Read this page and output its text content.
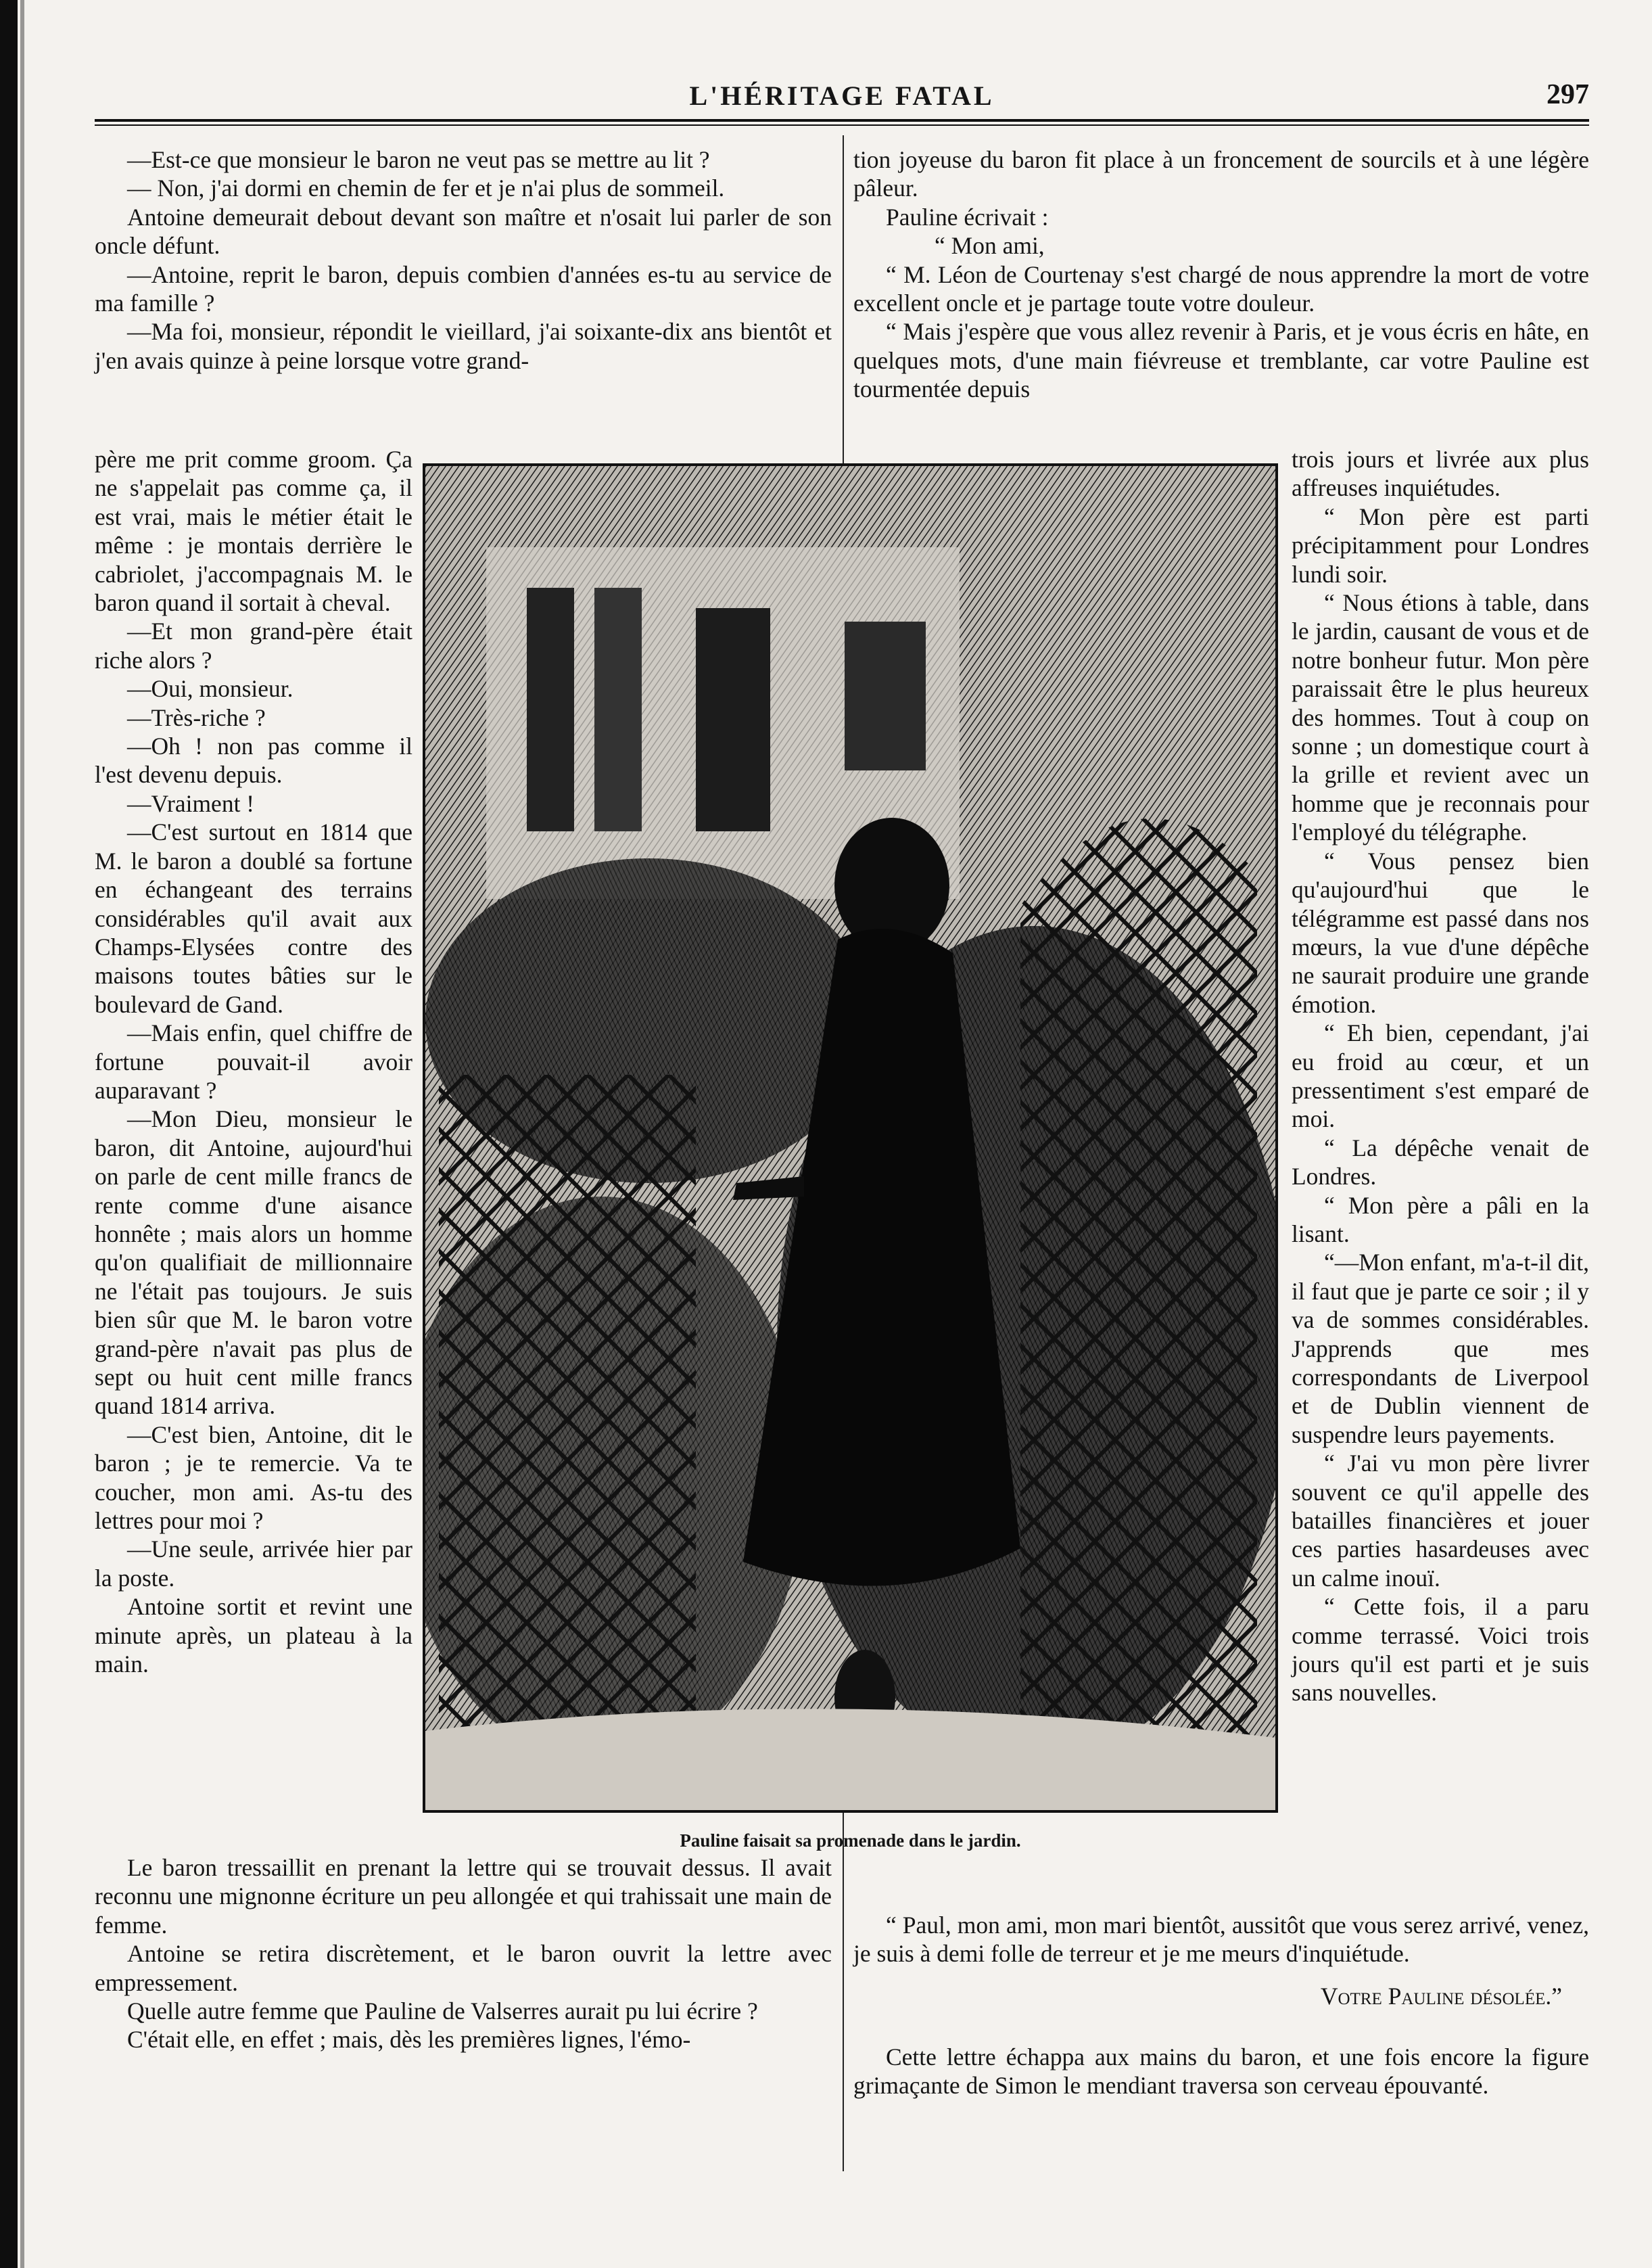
L'HÉRITAGE FATAL	297

—Est-ce que monsieur le baron ne veut pas se mettre au lit ?

— Non, j'ai dormi en chemin de fer et je n'ai plus de sommeil.

Antoine demeurait debout devant son maître et n'osait lui parler de son oncle défunt.

—Antoine, reprit le baron, depuis combien d'années es-tu au service de ma famille ?

—Ma foi, monsieur, répondit le vieillard, j'ai soixante-dix ans bientôt et j'en avais quinze à peine lorsque votre grand-

père me prit comme groom. Ça ne s'appelait pas comme ça, il est vrai, mais le métier était le même : je montais derrière le cabriolet, j'accompagnais M. le baron quand il sortait à cheval.

—Et mon grand-père était riche alors ?

—Oui, monsieur.

—Très-riche ?

—Oh ! non pas comme il l'est devenu depuis.

—Vraiment !

—C'est surtout en 1814 que M. le baron a doublé sa fortune en échangeant des terrains considérables qu'il avait aux Champs-Elysées contre des maisons toutes bâties sur le boulevard de Gand.

—Mais enfin, quel chiffre de fortune pouvait-il avoir auparavant ?

—Mon Dieu, monsieur le baron, dit Antoine, aujourd'hui on parle de cent mille francs de rente comme d'une aisance honnête ; mais alors un homme qu'on qualifiait de millionnaire ne l'était pas toujours. Je suis bien sûr que M. le baron votre grand-père n'avait pas plus de sept ou huit cent mille francs quand 1814 arriva.

—C'est bien, Antoine, dit le baron ; je te remercie. Va te coucher, mon ami. As-tu des lettres pour moi ?

—Une seule, arrivée hier par la poste.

Antoine sortit et revint une minute après, un plateau à la main.

Le baron tressaillit en prenant la lettre qui se trouvait dessus. Il avait reconnu une mignonne écriture un peu allongée et qui trahissait une main de femme.

Antoine se retira discrètement, et le baron ouvrit la lettre avec empressement.

Quelle autre femme que Pauline de Valserres aurait pu lui écrire ?

C'était elle, en effet ; mais, dès les premières lignes, l'émo-

tion joyeuse du baron fit place à un froncement de sourcils et à une légère pâleur.

Pauline écrivait :

“ Mon ami,

“ M. Léon de Courtenay s'est chargé de nous apprendre la mort de votre excellent oncle et je partage toute votre douleur.

“ Mais j'espère que vous allez revenir à Paris, et je vous écris en hâte, en quelques mots, d'une main fiévreuse et tremblante, car votre Pauline est tourmentée depuis

trois jours et livrée aux plus affreuses inquiétudes.

“ Mon père est parti précipitamment pour Londres lundi soir.

“ Nous étions à table, dans le jardin, causant de vous et de notre bonheur futur. Mon père paraissait être le plus heureux des hommes. Tout à coup on sonne ; un domestique court à la grille et revient avec un homme que je reconnais pour l'employé du télégraphe.

“ Vous pensez bien qu'aujourd'hui que le télégramme est passé dans nos mœurs, la vue d'une dépêche ne saurait produire une grande émotion.

“ Eh bien, cependant, j'ai eu froid au cœur, et un pressentiment s'est emparé de moi.

“ La dépêche venait de Londres.

“ Mon père a pâli en la lisant.

“—Mon enfant, m'a-t-il dit, il faut que je parte ce soir ; il y va de sommes considérables. J'apprends que mes correspondants de Liverpool et de Dublin viennent de suspendre leurs payements.

“ J'ai vu mon père livrer souvent ce qu'il appelle des batailles financières et jouer ces parties hasardeuses avec un calme inouï.

“ Cette fois, il a paru comme terrassé. Voici trois jours qu'il est parti et je suis sans nouvelles.

“ Paul, mon ami, mon mari bientôt, aussitôt que vous serez arrivé, venez, je suis à demi folle de terreur et je me meurs d'inquiétude.

Votre Pauline désolée.”

Cette lettre échappa aux mains du baron, et une fois encore la figure grimaçante de Simon le mendiant traversa son cerveau épouvanté.

Pauline faisait sa promenade dans le jardin.
